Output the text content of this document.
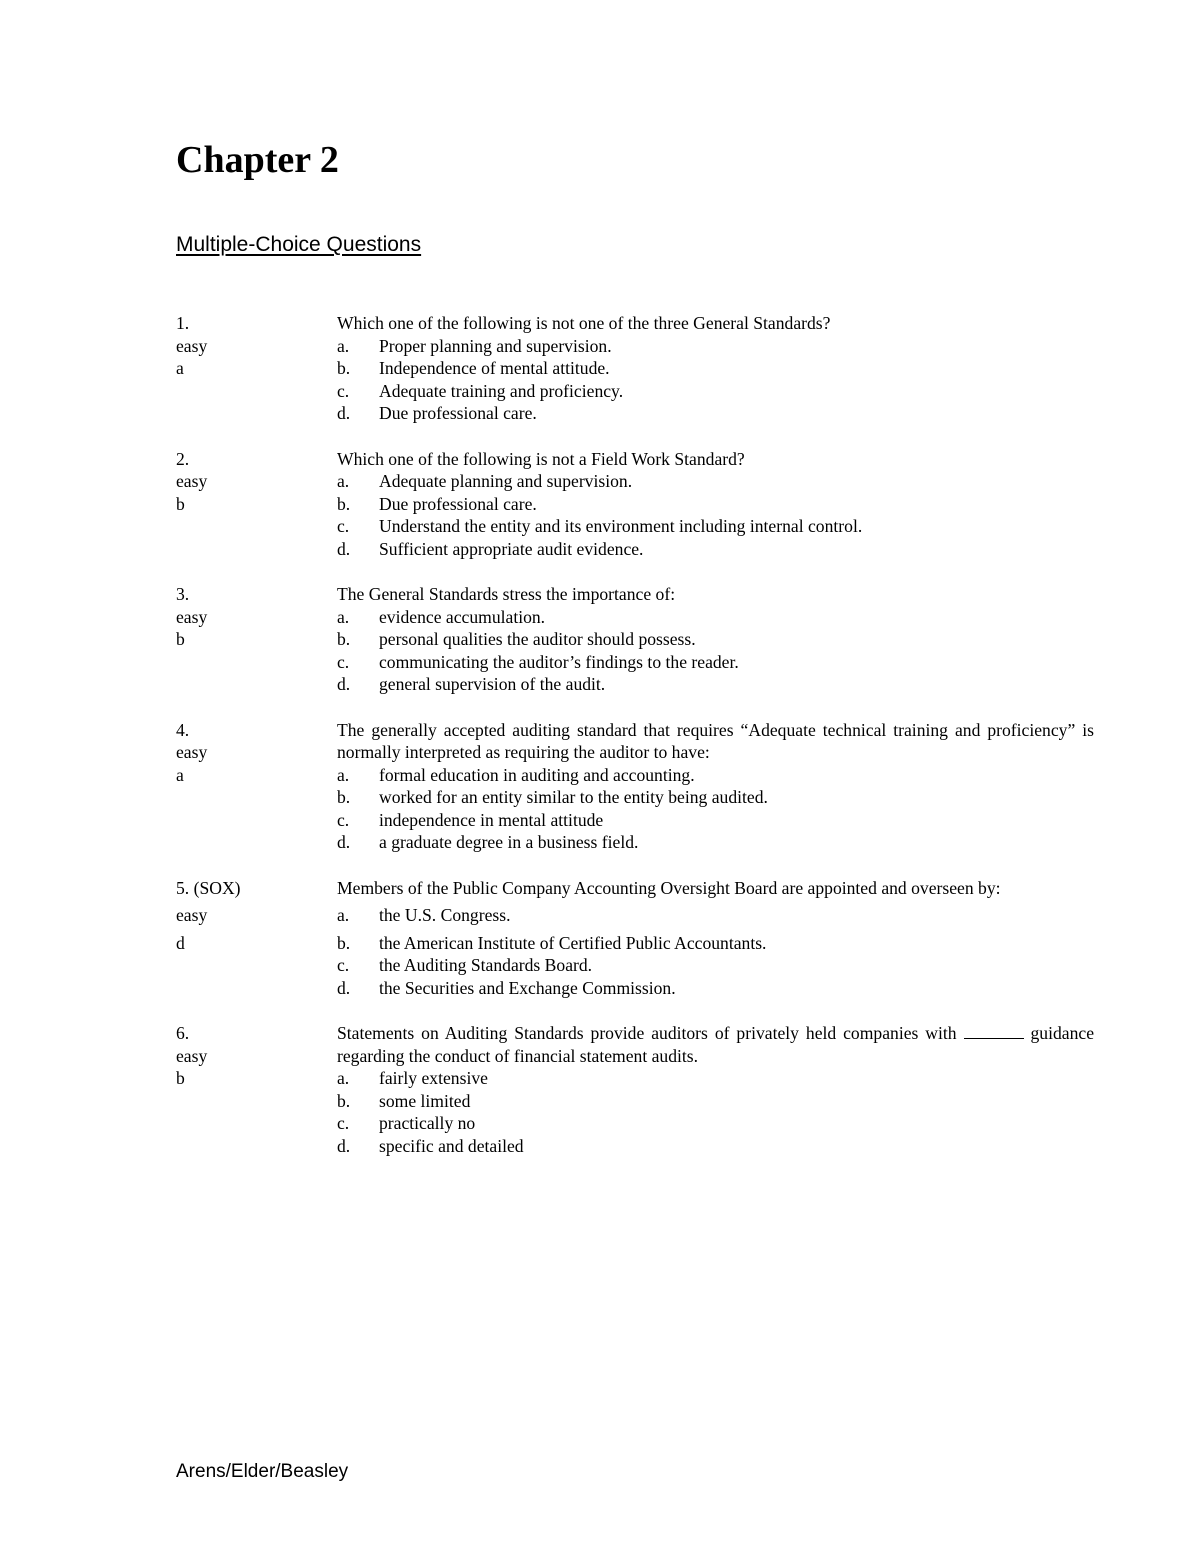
Chapter 2
Multiple-Choice Questions
1.
easy
a
Which one of the following is not one of the three General Standards?
a.	Proper planning and supervision.
b.	Independence of mental attitude.
c.	Adequate training and proficiency.
d.	Due professional care.
2.
easy
b
Which one of the following is not a Field Work Standard?
a.	Adequate planning and supervision.
b.	Due professional care.
c.	Understand the entity and its environment including internal control.
d.	Sufficient appropriate audit evidence.
3.
easy
b
The General Standards stress the importance of:
a.	evidence accumulation.
b.	personal qualities the auditor should possess.
c.	communicating the auditor’s findings to the reader.
d.	general supervision of the audit.
4.
easy
a
The generally accepted auditing standard that requires “Adequate technical training and proficiency” is normally interpreted as requiring the auditor to have:
a.	formal education in auditing and accounting.
b.	worked for an entity similar to the entity being audited.
c.	independence in mental attitude
d.	a graduate degree in a business field.
5. (SOX)
easy
d
Members of the Public Company Accounting Oversight Board are appointed and overseen by:
a.	the U.S. Congress.
b.	the American Institute of Certified Public Accountants.
c.	the Auditing Standards Board.
d.	the Securities and Exchange Commission.
6.
easy
b
Statements on Auditing Standards provide auditors of privately held companies with	guidance regarding the conduct of financial statement audits.
a.	fairly extensive
b.	some limited
c.	practically no
d.	specific and detailed
Arens/Elder/Beasley
